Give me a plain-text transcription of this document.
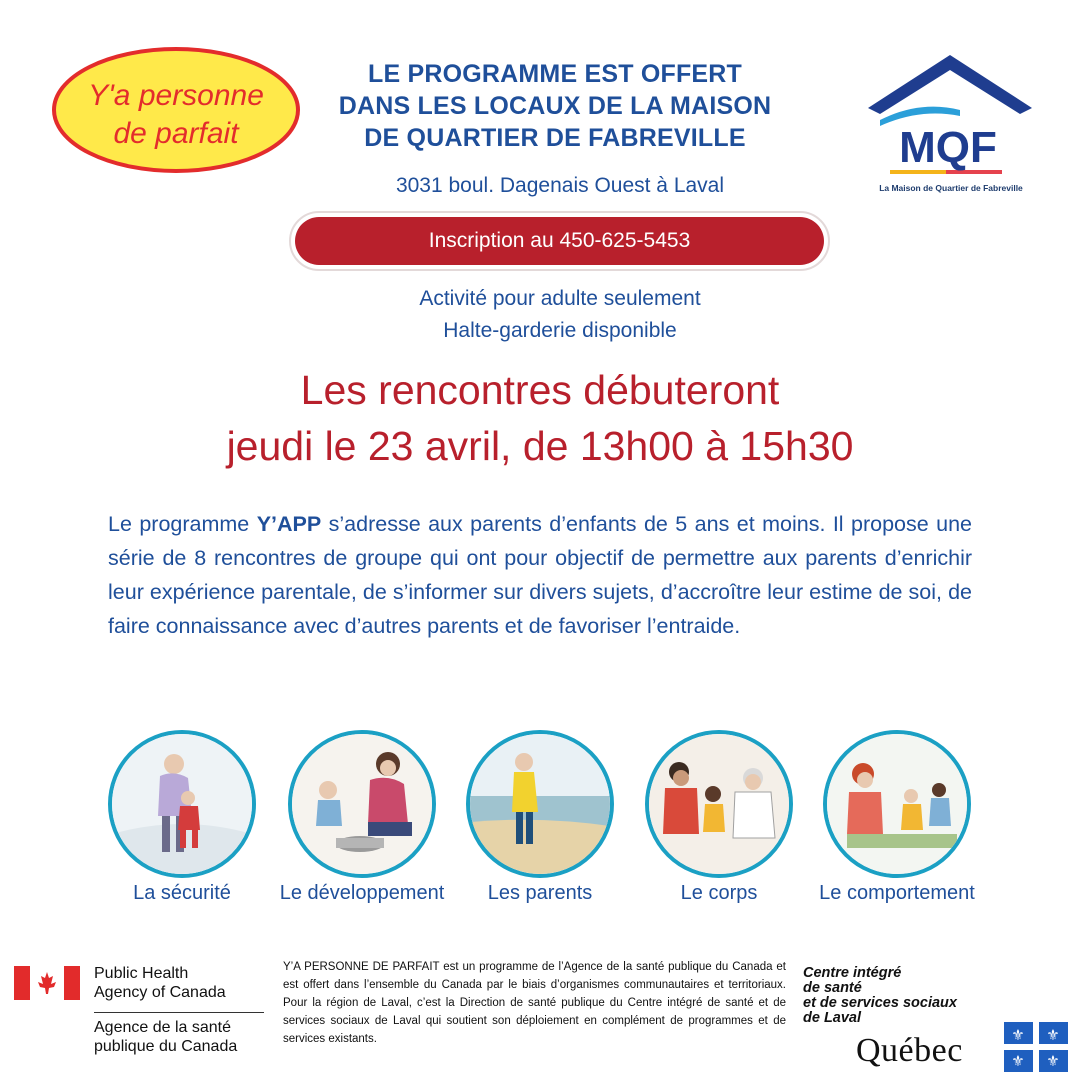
Y'a personne
de parfait
LE PROGRAMME EST OFFERT
DANS LES LOCAUX DE LA MAISON
DE QUARTIER DE FABREVILLE
3031 boul. Dagenais Ouest à Laval
Inscription au 450-625-5453
Activité pour adulte seulement
Halte-garderie disponible
MQF
La Maison de Quartier de Fabreville
Les rencontres débuteront
jeudi le 23 avril, de 13h00 à 15h30
Le programme Y’APP s’adresse aux parents d’enfants de 5 ans et moins. Il propose une série de 8 rencontres de groupe qui ont pour objectif de permettre aux parents d’enrichir leur expérience parentale, de s’informer sur divers sujets, d’accroître leur estime de soi, de faire connaissance avec d’autres parents et de favoriser l’entraide.
La sécurité	Le développement	Les parents	Le corps	Le comportement
Public Health
Agency of Canada
Agence de la santé
publique du Canada
Y’A PERSONNE DE PARFAIT est un programme de l’Agence de la santé publique du Canada et est offert dans l’ensemble du Canada par le biais d’organismes communautaires et territoriaux. Pour la région de Laval, c’est la Direction de santé publique du Centre intégré de santé et de services sociaux de Laval qui soutient son déploiement en complément de programmes et de services existants.
Centre intégré
de santé
et de services sociaux
de Laval
Québec	⚜ ⚜
⚜ ⚜
